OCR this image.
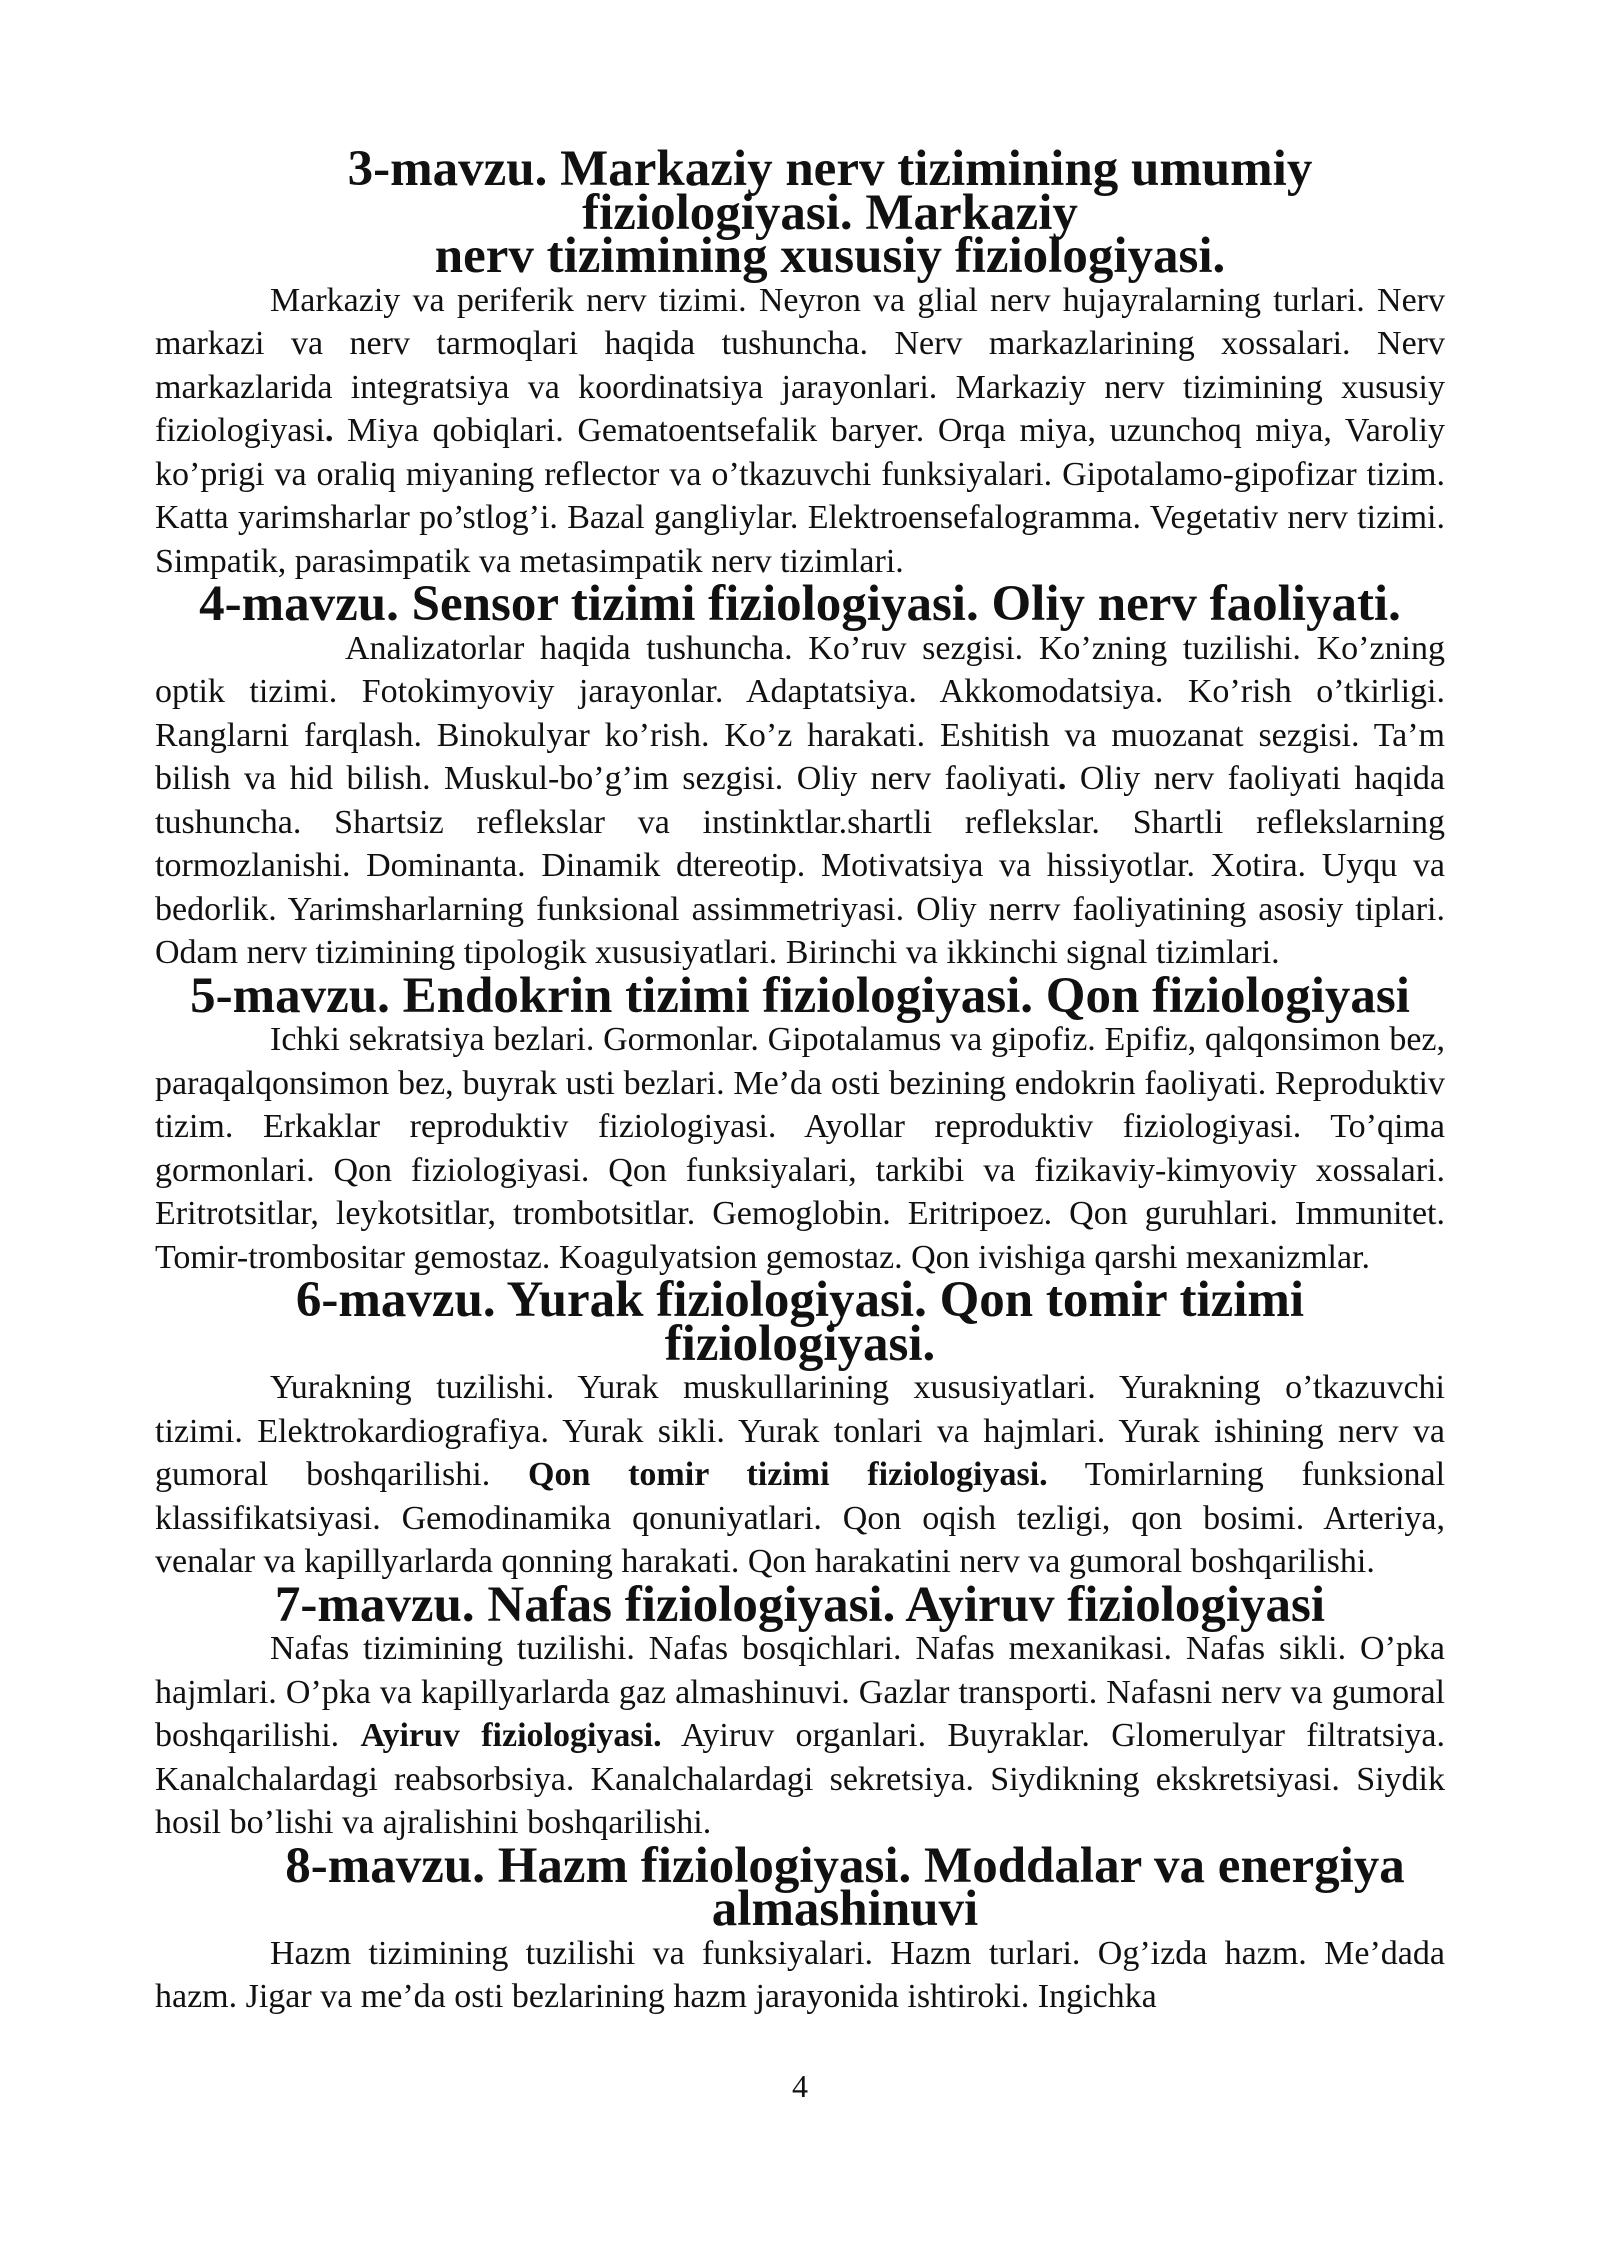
3-mavzu. Markaziy nerv tizimining umumiy fiziologiyasi. Markaziy
nerv tizimining xususiy fiziologiyasi.

Markaziy va periferik nerv tizimi. Neyron va glial nerv hujayralarning turlari. Nerv markazi va nerv tarmoqlari haqida tushuncha. Nerv markazlarining xossalari. Nerv markazlarida integratsiya va koordinatsiya jarayonlari. Markaziy nerv tizimining xususiy fiziologiyasi. Miya qobiqlari. Gematoentsefalik baryer. Orqa miya, uzunchoq miya, Varoliy ko’prigi va oraliq miyaning reflector va o’tkazuvchi funksiyalari. Gipotalamo-gipofizar tizim. Katta yarimsharlar po’stlog’i. Bazal gangliylar. Elektroensefalogramma. Vegetativ nerv tizimi. Simpatik, parasimpatik va metasimpatik nerv tizimlari.

4-mavzu. Sensor tizimi fiziologiyasi. Oliy nerv faoliyati.

Analizatorlar haqida tushuncha. Ko’ruv sezgisi. Ko’zning tuzilishi. Ko’zning optik tizimi. Fotokimyoviy jarayonlar. Adaptatsiya. Akkomodatsiya. Ko’rish o’tkirligi. Ranglarni farqlash. Binokulyar ko’rish. Ko’z harakati. Eshitish va muozanat sezgisi. Ta’m bilish va hid bilish. Muskul-bo’g’im sezgisi. Oliy nerv faoliyati. Oliy nerv faoliyati haqida tushuncha. Shartsiz reflekslar va instinktlar.shartli reflekslar. Shartli reflekslarning tormozlanishi. Dominanta. Dinamik dtereotip. Motivatsiya va hissiyotlar. Xotira. Uyqu va bedorlik. Yarimsharlarning funksional assimmetriyasi. Oliy nerrv faoliyatining asosiy tiplari. Odam nerv tizimining tipologik xususiyatlari. Birinchi va ikkinchi signal tizimlari.

5-mavzu. Endokrin tizimi fiziologiyasi. Qon fiziologiyasi

Ichki sekratsiya bezlari. Gormonlar. Gipotalamus va gipofiz. Epifiz, qalqonsimon bez, paraqalqonsimon bez, buyrak usti bezlari. Me’da osti bezining endokrin faoliyati. Reproduktiv tizim. Erkaklar reproduktiv fiziologiyasi. Ayollar reproduktiv fiziologiyasi. To’qima gormonlari. Qon fiziologiyasi. Qon funksiyalari, tarkibi va fizikaviy-kimyoviy xossalari. Eritrotsitlar, leykotsitlar, trombotsitlar. Gemoglobin. Eritripoez. Qon guruhlari. Immunitet. Tomir-trombositar gemostaz. Koagulyatsion gemostaz. Qon ivishiga qarshi mexanizmlar.

6-mavzu. Yurak fiziologiyasi. Qon tomir tizimi fiziologiyasi.

Yurakning tuzilishi. Yurak muskullarining xususiyatlari. Yurakning o’tkazuvchi tizimi. Elektrokardiografiya. Yurak sikli. Yurak tonlari va hajmlari. Yurak ishining nerv va gumoral boshqarilishi. Qon tomir tizimi fiziologiyasi. Tomirlarning funksional klassifikatsiyasi. Gemodinamika qonuniyatlari. Qon oqish tezligi, qon bosimi. Arteriya, venalar va kapillyarlarda qonning harakati. Qon harakatini nerv va gumoral boshqarilishi.

7-mavzu. Nafas fiziologiyasi. Ayiruv fiziologiyasi

Nafas tizimining tuzilishi. Nafas bosqichlari. Nafas mexanikasi. Nafas sikli. O’pka hajmlari. O’pka va kapillyarlarda gaz almashinuvi. Gazlar transporti. Nafasni nerv va gumoral boshqarilishi. Ayiruv fiziologiyasi. Ayiruv organlari. Buyraklar. Glomerulyar filtratsiya. Kanalchalardagi reabsorbsiya. Kanalchalardagi sekretsiya. Siydikning ekskretsiyasi. Siydik hosil bo’lishi va ajralishini boshqarilishi.

8-mavzu. Hazm fiziologiyasi. Moddalar va energiya almashinuvi

Hazm tizimining tuzilishi va funksiyalari. Hazm turlari. Og’izda hazm. Me’dada hazm. Jigar va me’da osti bezlarining hazm jarayonida ishtiroki. Ingichka

4
